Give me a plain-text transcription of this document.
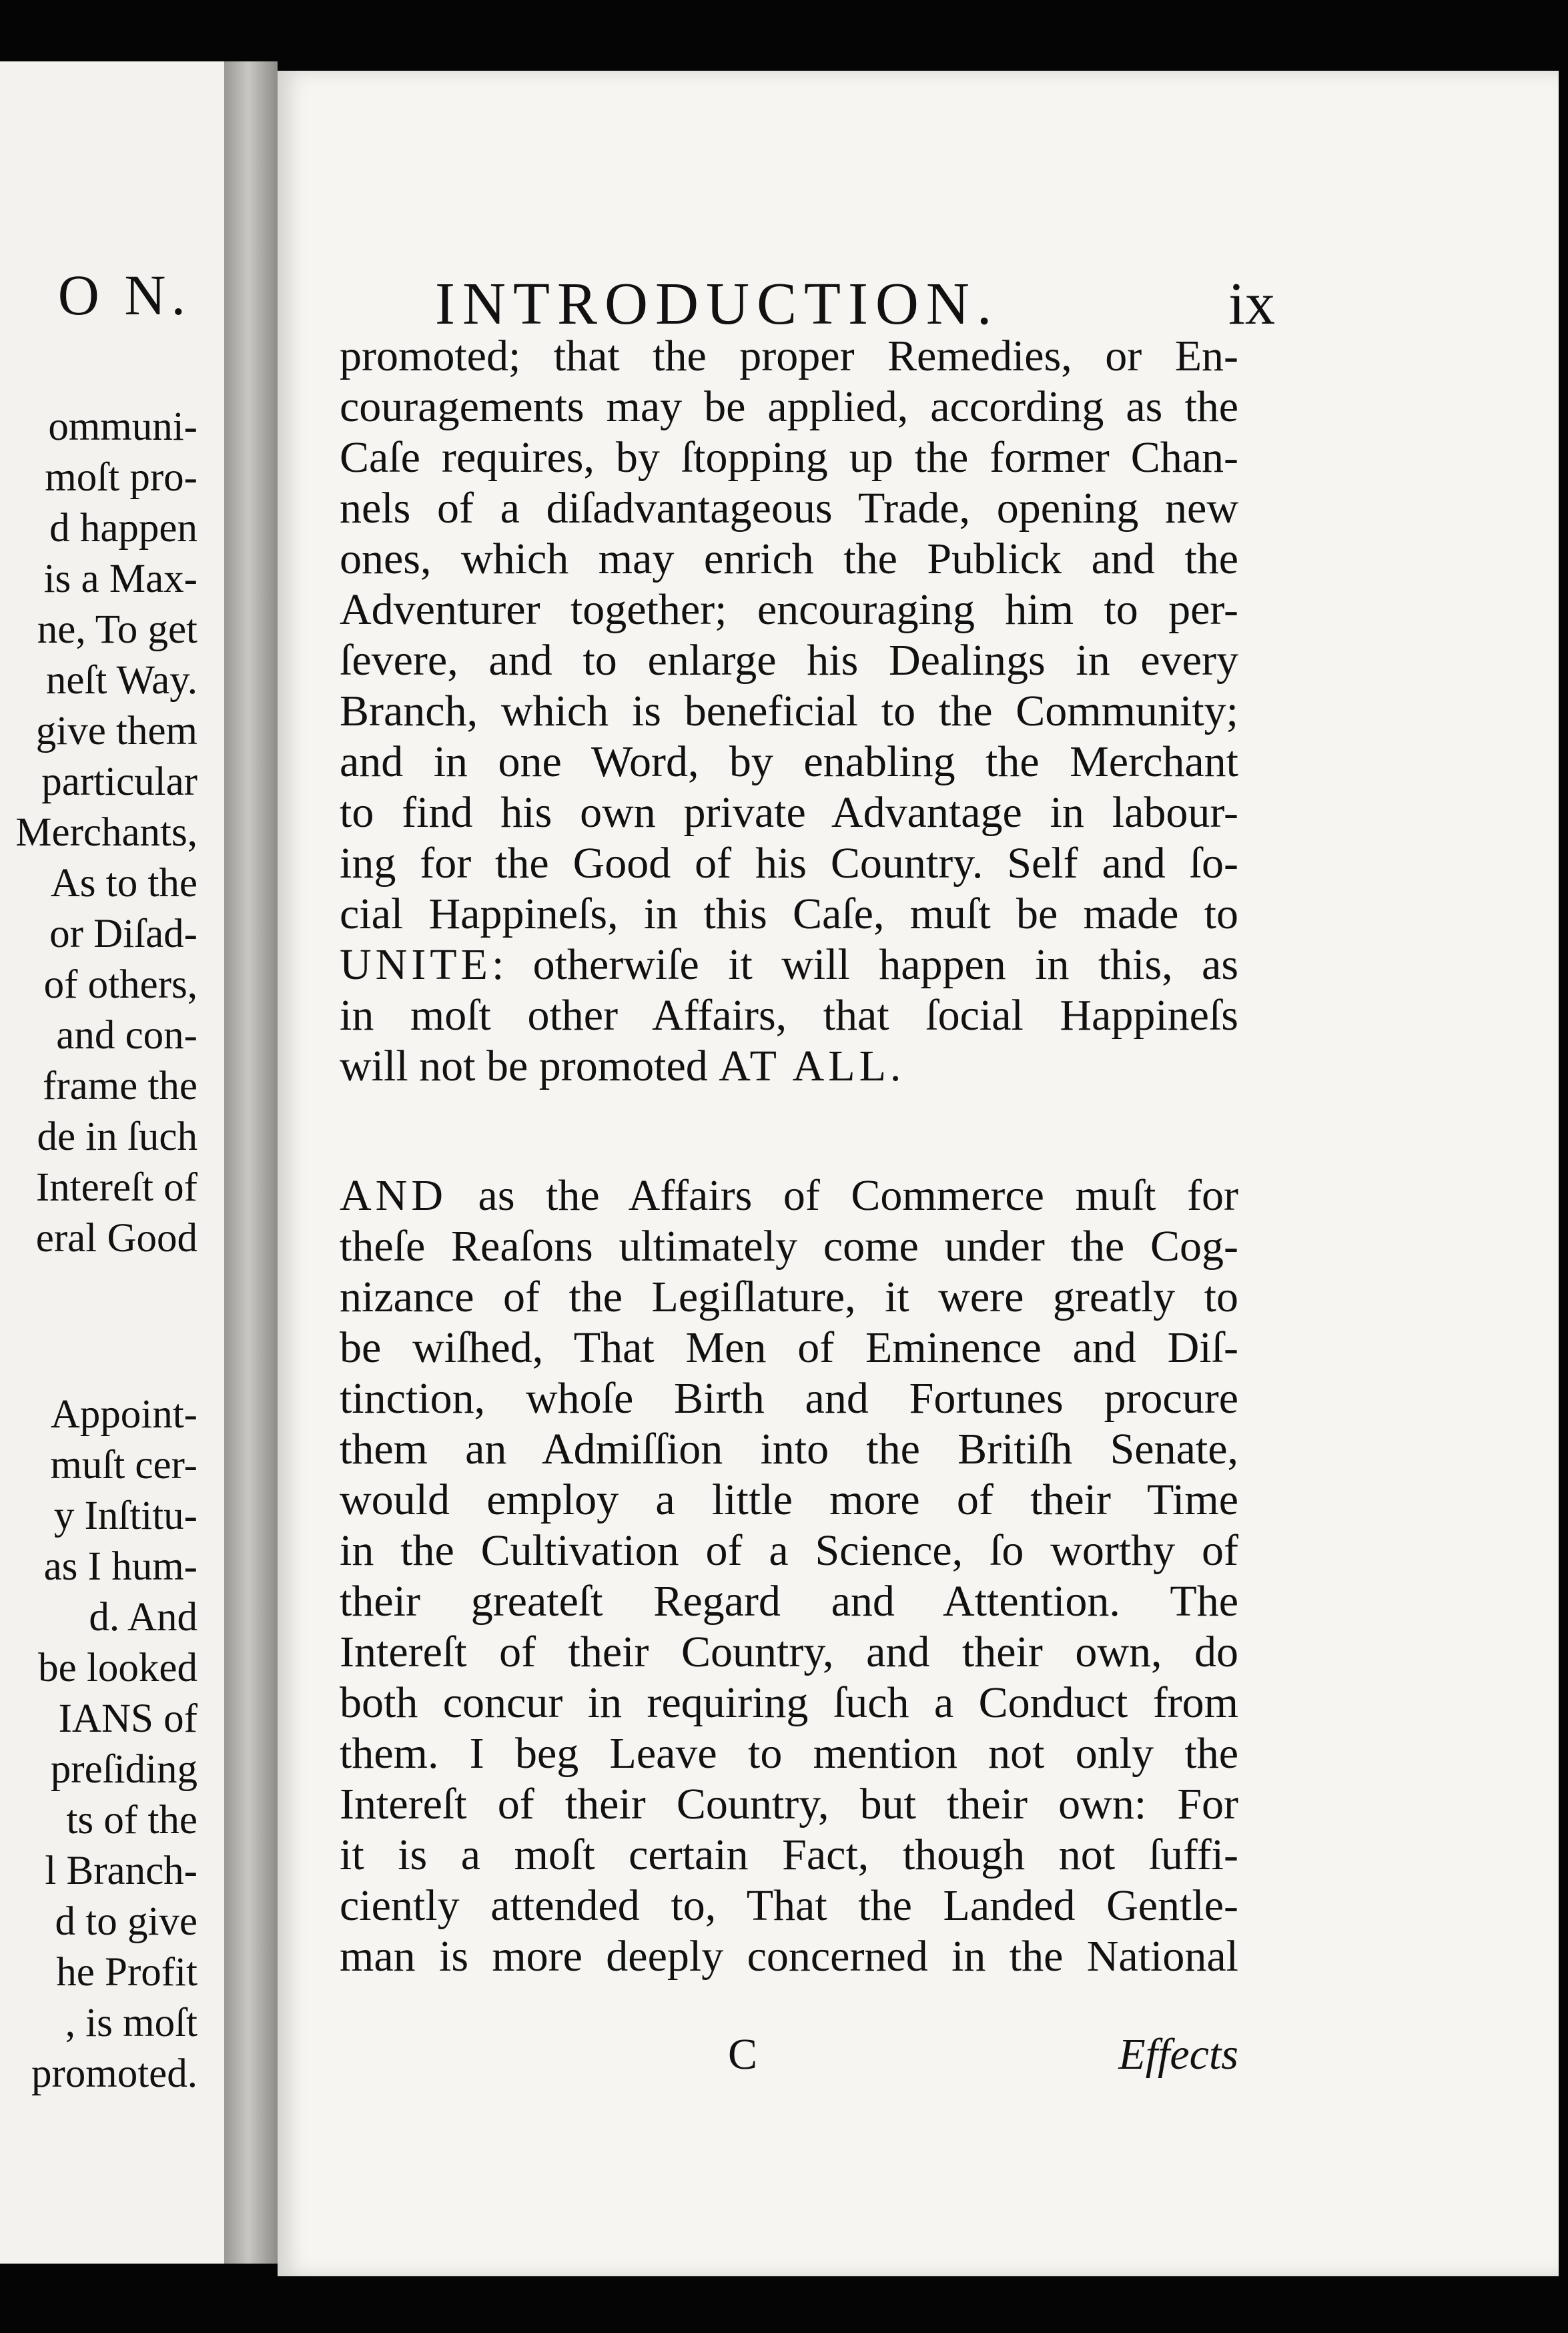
O N.
ommuni-
moſt pro-
d happen
is a Max-
ne, To get
neſt Way.
give them
particular
Merchants,
As to the
or Diſad-
of others,
and con-
frame the
de in ſuch
Intereſt of
eral Good
Appoint-
muſt cer-
y Inſtitu-
as I hum-
d. And
be looked
IANS of
preſiding
ts of the
l Branch-
d to give
he Profit
, is moſt
promoted.
INTRODUCTION.	ix
promoted; that the proper Remedies, or En-
couragements may be applied, according as the
Caſe requires, by ſtopping up the former Chan-
nels of a diſadvantageous Trade, opening new
ones, which may enrich the Publick and the
Adventurer together; encouraging him to per-
ſevere, and to enlarge his Dealings in every
Branch, which is beneficial to the Community;
and in one Word, by enabling the Merchant
to find his own private Advantage in labour-
ing for the Good of his Country. Self and ſo-
cial Happineſs, in this Caſe, muſt be made to
UNITE: otherwiſe it will happen in this, as
in moſt other Affairs, that ſocial Happineſs
will not be promoted AT ALL.
AND as the Affairs of Commerce muſt for
theſe Reaſons ultimately come under the Cog-
nizance of the Legiſlature, it were greatly to
be wiſhed, That Men of Eminence and Diſ-
tinction, whoſe Birth and Fortunes procure
them an Admiſſion into the Britiſh Senate,
would employ a little more of their Time
in the Cultivation of a Science, ſo worthy of
their greateſt Regard and Attention. The
Intereſt of their Country, and their own, do
both concur in requiring ſuch a Conduct from
them. I beg Leave to mention not only the
Intereſt of their Country, but their own: For
it is a moſt certain Fact, though not ſuffi-
ciently attended to, That the Landed Gentle-
man is more deeply concerned in the National
C	Effects
